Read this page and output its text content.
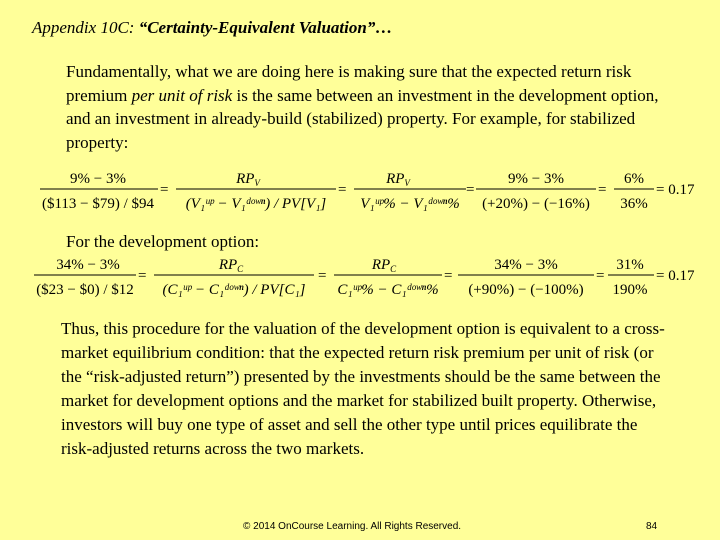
Appendix 10C: “Certainty-Equivalent Valuation”…

Fundamentally, what we are doing here is making sure that the expected return risk premium per unit of risk is the same between an investment in the development option, and an investment in already-build (stabilized) property. For example, for stabilized property:

9% − 3%
($113 − $79) / $94
=
$RP_V$
(V₁ᵘᵖ − V₁ᵈᵒʷⁿ) / PV[V₁]
=
$RP_V$
V₁ᵘᵖ% − V₁ᵈᵒʷⁿ%
=
9% − 3%
(+20%) − (−16%)
=
6%
36%
= 0.17
For the development option:
34% − 3%
($23 − $0) / $12
=
$RP_C$
(C₁ᵘᵖ − C₁ᵈᵒʷⁿ) / PV[C₁]
=
$RP_C$
C₁ᵘᵖ% − C₁ᵈᵒʷⁿ%
=
34% − 3%
(+90%) − (−100%)
=
31%
190%
= 0.17

Thus, this procedure for the valuation of the development option is equivalent to a cross-market equilibrium condition: that the expected return risk premium per unit of risk (or the “risk-adjusted return”) presented by the investments should be the same between the market for development options and the market for stabilized built property. Otherwise, investors will buy one type of asset and sell the other type until prices equilibrate the risk-adjusted returns across the two markets.

© 2014 OnCourse Learning. All Rights Reserved.	84
